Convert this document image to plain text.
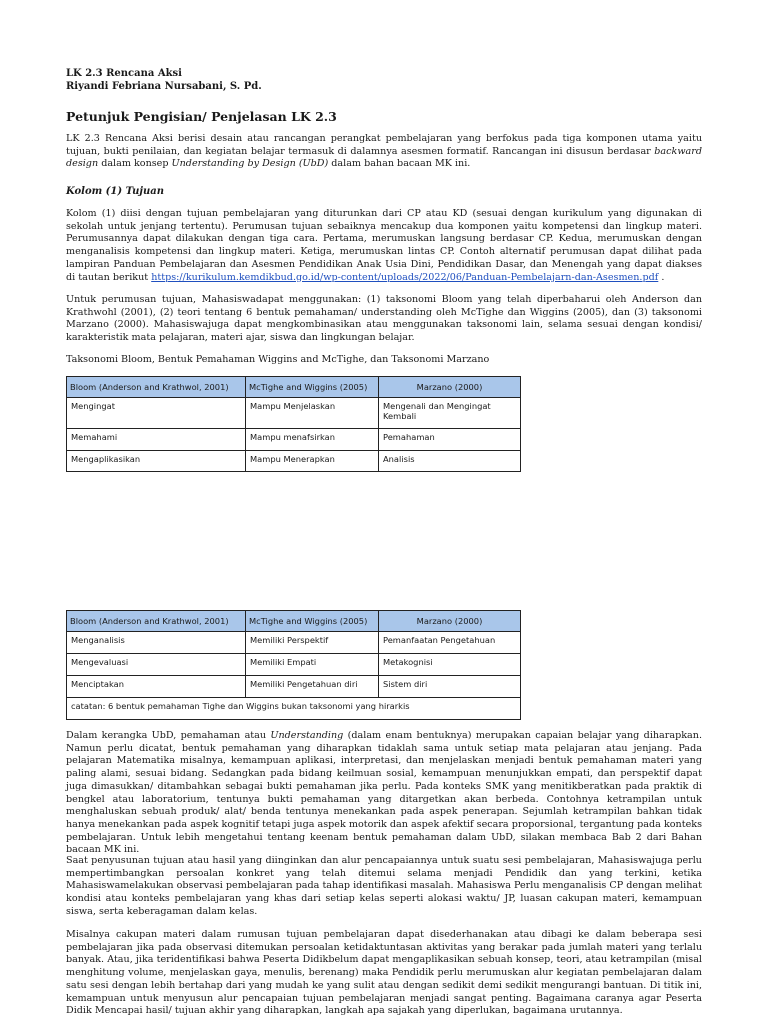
LK 2.3 Rencana Aksi
Riyandi Febriana Nursabani, S. Pd.
Petunjuk Pengisian/ Penjelasan LK 2.3
LK 2.3 Rencana Aksi berisi desain atau rancangan perangkat pembelajaran yang berfokus pada tiga komponen utama yaitu tujuan, bukti penilaian, dan kegiatan belajar termasuk di dalamnya asesmen formatif. Rancangan ini disusun berdasar backward design dalam konsep Understanding by Design (UbD) dalam bahan bacaan MK ini.
Kolom (1) Tujuan
Kolom (1) diisi dengan tujuan pembelajaran yang diturunkan dari CP atau KD (sesuai dengan kurikulum yang digunakan di sekolah untuk jenjang tertentu). Perumusan tujuan sebaiknya mencakup dua komponen yaitu kompetensi dan lingkup materi. Perumusannya dapat dilakukan dengan tiga cara. Pertama, merumuskan langsung berdasar CP. Kedua, merumuskan dengan menganalisis kompetensi dan lingkup materi. Ketiga, merumuskan lintas CP. Contoh alternatif perumusan dapat dilihat pada lampiran Panduan Pembelajaran dan Asesmen Pendidikan Anak Usia Dini, Pendidikan Dasar, dan Menengah yang dapat diakses di tautan berikut https://kurikulum.kemdikbud.go.id/wp-content/uploads/2022/06/Panduan-Pembelajarn-dan-Asesmen.pdf .
Untuk perumusan tujuan, Mahasiswadapat menggunakan: (1) taksonomi Bloom yang telah diperbaharui oleh Anderson dan Krathwohl (2001), (2) teori tentang 6 bentuk pemahaman/ understanding oleh McTighe dan Wiggins (2005), dan (3) taksonomi Marzano (2000). Mahasiswajuga dapat mengkombinasikan atau menggunakan taksonomi lain, selama sesuai dengan kondisi/ karakteristik mata pelajaran, materi ajar, siswa dan lingkungan belajar.
Taksonomi Bloom, Bentuk Pemahaman Wiggins and McTighe, dan Taksonomi Marzano
Bloom (Anderson and Krathwol, 2001)	McTighe and Wiggins (2005)	Marzano (2000)
Mengingat	Mampu Menjelaskan	Mengenali dan Mengingat Kembali
Memahami	Mampu menafsirkan	Pemahaman
Mengaplikasikan	Mampu Menerapkan	Analisis
Bloom (Anderson and Krathwol, 2001)	McTighe and Wiggins (2005)	Marzano (2000)
Menganalisis	Memiliki Perspektif	Pemanfaatan Pengetahuan
Mengevaluasi	Memiliki Empati	Metakognisi
Menciptakan	Memiliki Pengetahuan diri	Sistem diri
catatan: 6 bentuk pemahaman Tighe dan Wiggins bukan taksonomi yang hirarkis		
Dalam kerangka UbD, pemahaman atau Understanding (dalam enam bentuknya) merupakan capaian belajar yang diharapkan. Namun perlu dicatat, bentuk pemahaman yang diharapkan tidaklah sama untuk setiap mata pelajaran atau jenjang. Pada pelajaran Matematika misalnya, kemampuan aplikasi, interpretasi, dan menjelaskan menjadi bentuk pemahaman materi yang paling alami, sesuai bidang. Sedangkan pada bidang keilmuan sosial, kemampuan menunjukkan empati, dan perspektif dapat juga dimasukkan/ ditambahkan sebagai bukti pemahaman jika perlu. Pada konteks SMK yang menitikberatkan pada praktik di bengkel atau laboratorium, tentunya bukti pemahaman yang ditargetkan akan berbeda. Contohnya ketrampilan untuk menghaluskan sebuah produk/ alat/ benda tentunya menekankan pada aspek penerapan. Sejumlah ketrampilan bahkan tidak hanya menekankan pada aspek kognitif tetapi juga aspek motorik dan aspek afektif secara proporsional, tergantung pada konteks pembelajaran. Untuk lebih mengetahui tentang keenam bentuk pemahaman dalam UbD, silakan membaca Bab 2 dari Bahan bacaan MK ini.
Saat penyusunan tujuan atau hasil yang diinginkan dan alur pencapaiannya untuk suatu sesi pembelajaran, Mahasiswajuga perlu mempertimbangkan persoalan konkret yang telah ditemui selama menjadi Pendidik dan yang terkini, ketika Mahasiswamelakukan observasi pembelajaran pada tahap identifikasi masalah. Mahasiswa Perlu menganalisis CP dengan melihat kondisi atau konteks pembelajaran yang khas dari setiap kelas seperti alokasi waktu/ JP, luasan cakupan materi, kemampuan siswa, serta keberagaman dalam kelas.
Misalnya cakupan materi dalam rumusan tujuan pembelajaran dapat disederhanakan atau dibagi ke dalam beberapa sesi pembelajaran jika pada observasi ditemukan persoalan ketidaktuntasan aktivitas yang berakar pada jumlah materi yang terlalu banyak. Atau, jika teridentifikasi bahwa Peserta Didikbelum dapat mengaplikasikan sebuah konsep, teori, atau ketrampilan (misal menghitung volume, menjelaskan gaya, menulis, berenang) maka Pendidik perlu merumuskan alur kegiatan pembelajaran dalam satu sesi dengan lebih bertahap dari yang mudah ke yang sulit atau dengan sedikit demi sedikit mengurangi bantuan. Di titik ini, kemampuan untuk menyusun alur pencapaian tujuan pembelajaran menjadi sangat penting. Bagaimana caranya agar Peserta Didik Mencapai hasil/ tujuan akhir yang diharapkan, langkah apa sajakah yang diperlukan, bagaimana urutannya.
